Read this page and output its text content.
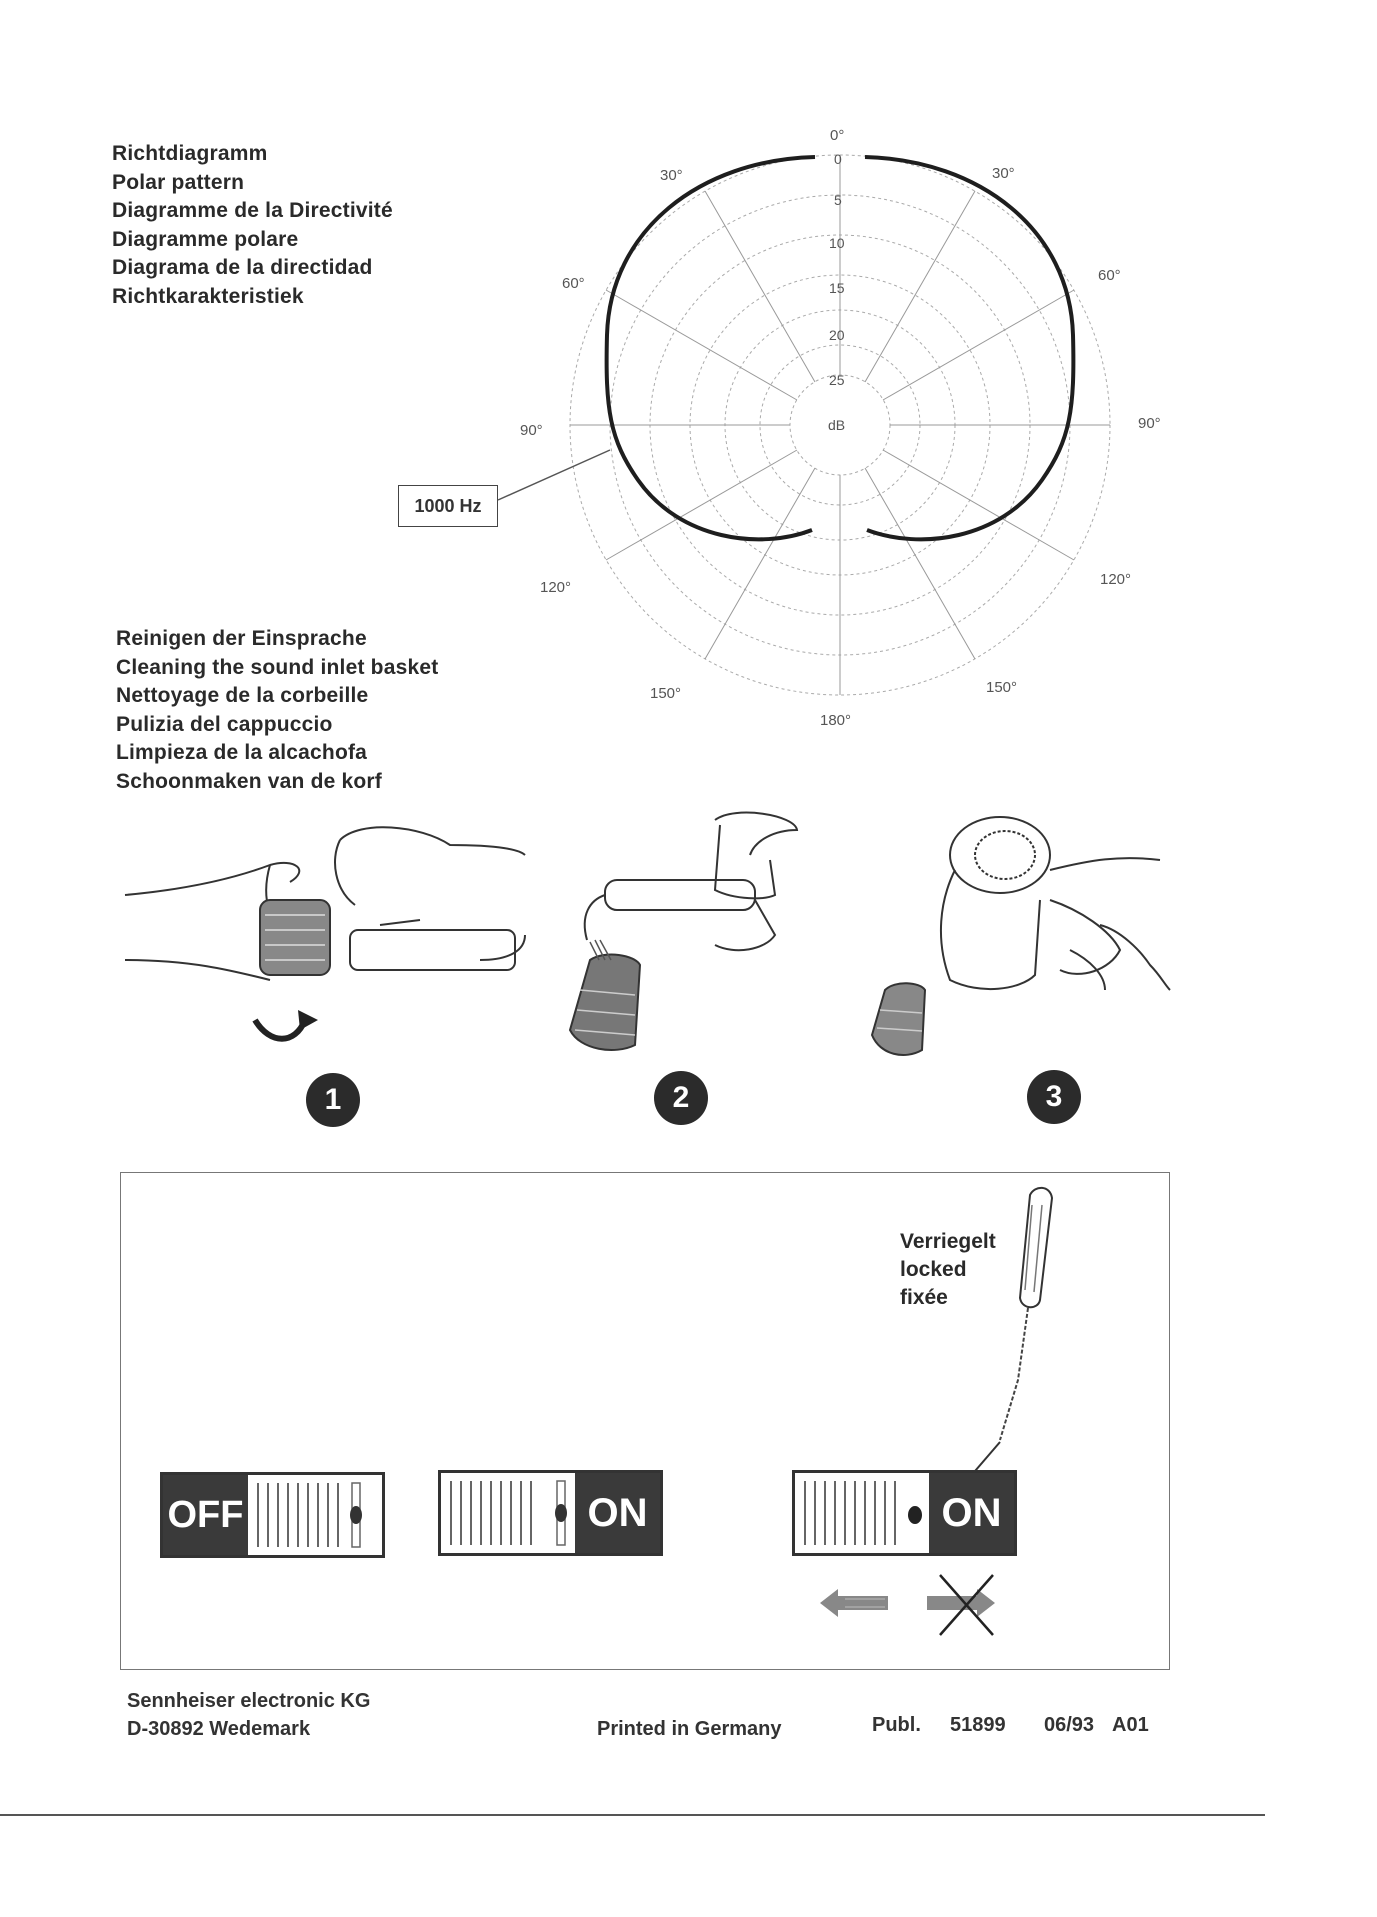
Richtdiagramm
Polar pattern
Diagramme de la Directivité
Diagramme polare
Diagrama de la directidad
Richtkarakteristiek
0°
30°	30°
60°	60°
90°	90°
120°	120°
150°	150°
180°
0
5
10
15
20
25
dB
1000 Hz
Reinigen der Einsprache
Cleaning the sound inlet basket
Nettoyage de la corbeille
Pulizia del cappuccio
Limpieza de la alcachofa
Schoonmaken van de korf
1	2	3
Verriegelt
locked
fixée
OFF	ON	ON
Sennheiser electronic KG
D-30892 Wedemark	Printed in Germany	Publ. 51899 06/93 A01
